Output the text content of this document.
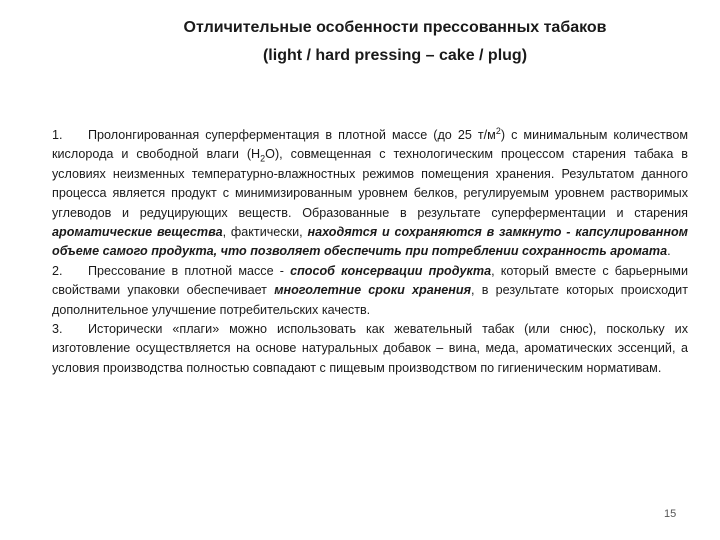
Отличительные особенности прессованных табаков
(light / hard pressing – cake / plug)

1. Пролонгированная суперферментация в плотной массе (до 25 $т/м^2$) с минимальным количеством кислорода и свободной влаги $(H_2O)$, совмещенная с технологическим процессом старения табака в условиях неизменных температурно-влажностных режимов помещения хранения. Результатом данного процесса является продукт с минимизированным уровнем белков, регулируемым уровнем растворимых углеводов и редуцирующих веществ. Образованные в результате суперферментации и старения ароматические вещества, фактически, находятся и сохраняются в замкнуто - капсулированном объеме самого продукта, что позволяет обеспечить при потреблении сохранность аромата.

2. Прессование в плотной массе - способ консервации продукта, который вместе с барьерными свойствами упаковки обеспечивает многолетние сроки хранения, в результате которых происходит дополнительное улучшение потребительских качеств.

3. Исторически «плаги» можно использовать как жевательный табак (или снюс), поскольку их изготовление осуществляется на основе натуральных добавок – вина, меда, ароматических эссенций, а условия производства полностью совпадают с пищевым производством по гигиеническим нормативам.

15
